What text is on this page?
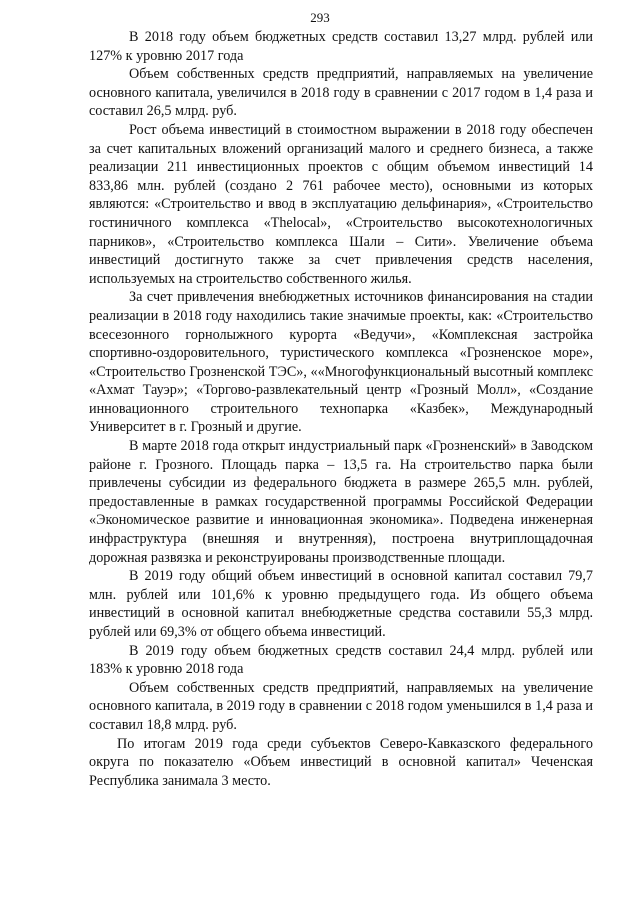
293

В 2018 году объем бюджетных средств составил 13,27 млрд. рублей или 127% к уровню 2017 года

Объем собственных средств предприятий, направляемых на увеличение основного капитала, увеличился в 2018 году в сравнении с 2017 годом в 1,4 раза и составил 26,5 млрд. руб.

Рост объема инвестиций в стоимостном выражении в 2018 году обеспечен за счет капитальных вложений организаций малого и среднего бизнеса, а также реализации 211 инвестиционных проектов с общим объемом инвестиций 14 833,86 млн. рублей (создано 2 761 рабочее место), основными из которых являются: «Строительство и ввод в эксплуатацию дельфинария», «Строительство гостиничного комплекса «Thelocal», «Строительство высокотехнологичных парников», «Строительство комплекса Шали – Сити». Увеличение объема инвестиций достигнуто также за счет привлечения средств населения, используемых на строительство собственного жилья.

За счет привлечения внебюджетных источников финансирования на стадии реализации в 2018 году находились такие значимые проекты, как: «Строительство всесезонного горнолыжного курорта «Ведучи», «Комплексная застройка спортивно-оздоровительного, туристического комплекса «Грозненское море», «Строительство Грозненской ТЭС», ««Многофункциональный высотный комплекс «Ахмат Тауэр»; «Торгово-развлекательный центр «Грозный Молл», «Создание инновационного строительного технопарка «Казбек», Международный Университет в г. Грозный и другие.

В марте 2018 года открыт индустриальный парк «Грозненский» в Заводском районе г. Грозного. Площадь парка – 13,5 га. На строительство парка были привлечены субсидии из федерального бюджета в размере 265,5 млн. рублей, предоставленные в рамках государственной программы Российской Федерации «Экономическое развитие и инновационная экономика». Подведена инженерная инфраструктура (внешняя и внутренняя), построена внутриплощадочная дорожная развязка и реконструированы производственные площади.

В 2019 году общий объем инвестиций в основной капитал составил 79,7 млн. рублей или 101,6% к уровню предыдущего года. Из общего объема инвестиций в основной капитал внебюджетные средства составили 55,3 млрд. рублей или 69,3% от общего объема инвестиций.

В 2019 году объем бюджетных средств составил 24,4 млрд. рублей или 183% к уровню 2018 года

Объем собственных средств предприятий, направляемых на увеличение основного капитала, в 2019 году в сравнении с 2018 годом уменьшился в 1,4 раза и составил 18,8 млрд. руб.

По итогам 2019 года среди субъектов Северо-Кавказского федерального округа по показателю «Объем инвестиций в основной капитал» Чеченская Республика занимала 3 место.
